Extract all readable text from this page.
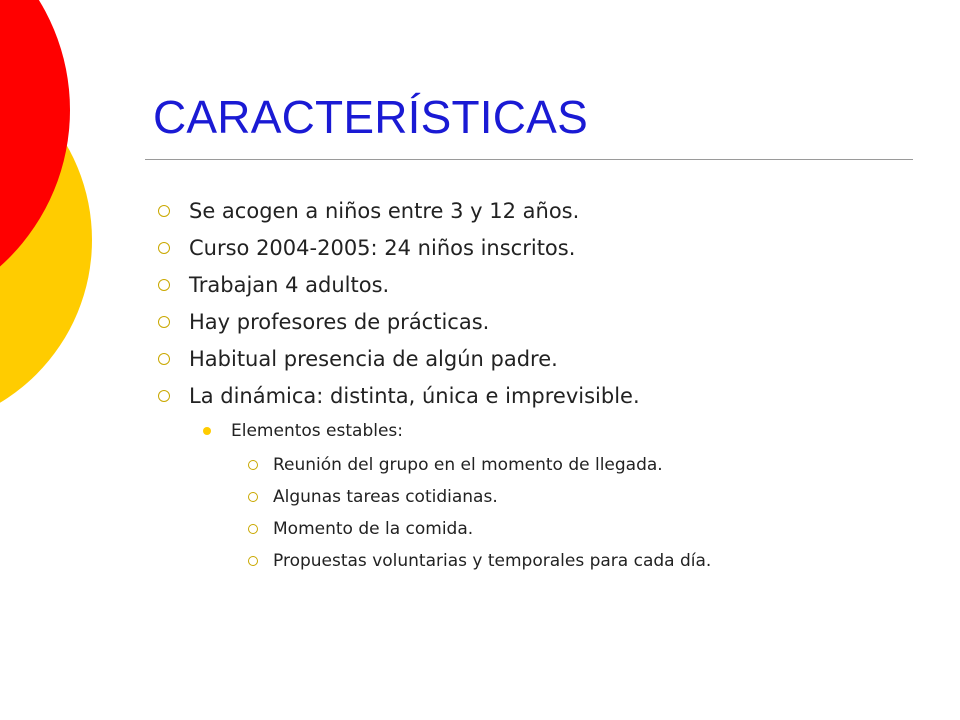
CARACTERÍSTICAS
Se acogen a niños entre 3 y 12 años.
Curso 2004-2005: 24 niños inscritos.
Trabajan 4 adultos.
Hay profesores de prácticas.
Habitual presencia de algún padre.
La dinámica: distinta, única e imprevisible.
Elementos estables:
Reunión del grupo en el momento de llegada.
Algunas tareas cotidianas.
Momento de la comida.
Propuestas voluntarias y temporales para cada día.
